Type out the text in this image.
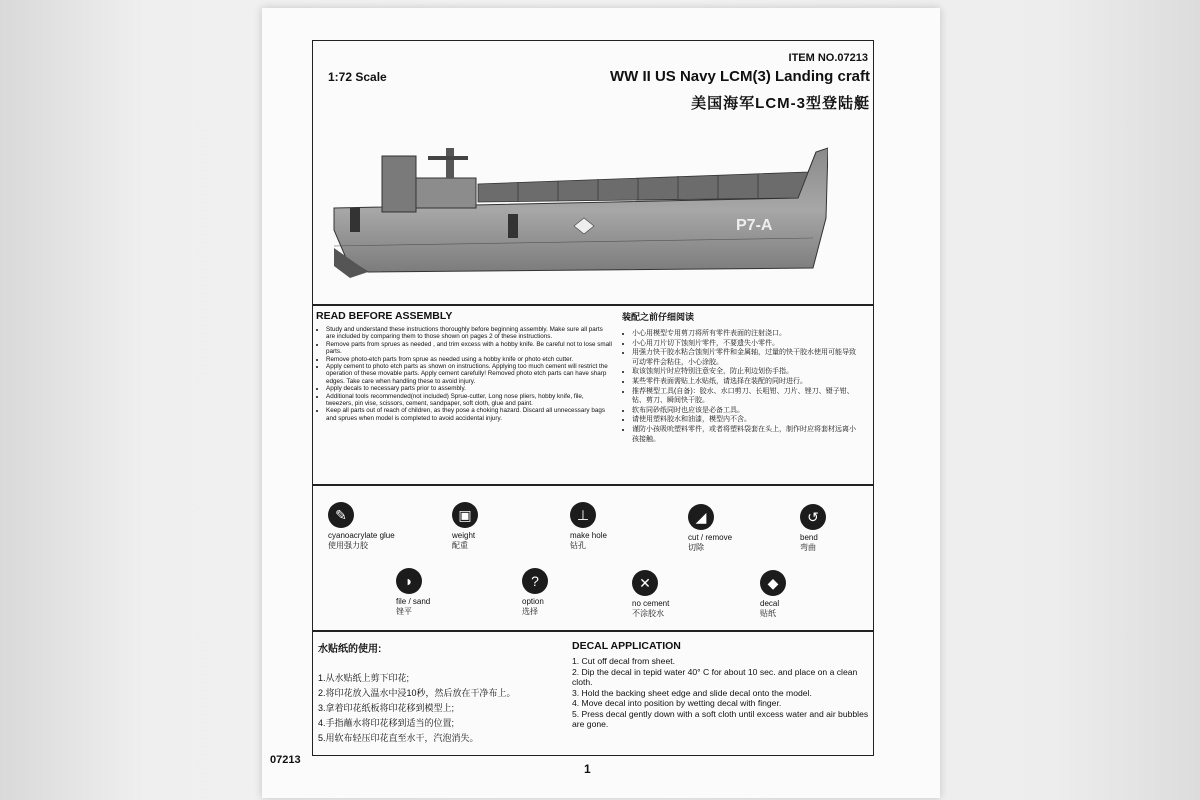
ITEM NO.07213
1:72 Scale	WW II US Navy LCM(3) Landing craft
美国海军LCM-3型登陆艇
P7-A
READ BEFORE ASSEMBLY
• Study and understand these instructions thoroughly before beginning assembly. Make sure all parts are included by comparing them to those shown on pages 2 of these instructions.
• Remove parts from sprues as needed , and trim excess with a hobby knife. Be careful not to lose small parts.
• Remove photo-etch parts from sprue as needed using a hobby knife or photo etch cutter.
• Apply cement to photo etch parts as shown on instructions. Applying too much cement will restrict the operation of these movable parts. Apply cement carefully! Removed photo etch parts can have sharp edges. Take care when handling these to avoid injury.
• Apply decals to necessary parts prior to assembly.
• Additional tools recommended(not included) Sprue-cutter, Long nose pliers, hobby knife, file, tweezers, pin vise, scissors, cement, sandpaper, soft cloth, glue and paint.
• Keep all parts out of reach of children, as they pose a choking hazard. Discard all unnecessary bags and sprues when model is completed to avoid accidental injury.
装配之前仔细阅读
• 小心用模型专用剪刀将所有零件表面的注射浇口。
• 小心用刀片切下蚀刻片零件，不要遗失小零件。
• 用强力快干胶水粘合蚀刻片零件和金属轴，过量的快干胶水使用可能导致可动零件会粘住，小心涂胶。
• 取该蚀刻片时应特别注意安全，防止利边划伤手指。
• 某些零件表面需贴上水贴纸，请选择在装配的同时进行。
• 推荐模型工具(自备)：胶水、水口剪刀、长咀钳、刀片、锉刀、镊子钳、钻、剪刀、瞬间快干胶。
• 软布同砂纸同时也应该是必备工具。
• 请使用塑料胶水和油漆，模型内不含。
• 谨防小孩吸吮塑料零件，或者将塑料袋套在头上，制作时应将套材远离小孩接触。
✎
cyanoacrylate glue
使用强力胶
▣
weight
配重
⊥
make hole
钻孔
◢
cut / remove
切除
↺
bend
弯曲
◗
file / sand
锉平
?
option
选择
✕
no cement
不涂胶水
◆
decal
贴纸
水贴纸的使用:
1.从水贴纸上剪下印花;
2.将印花放入温水中浸10秒，然后放在干净布上。
3.拿着印花纸板将印花移到模型上;
4.手指蘸水将印花移到适当的位置;
5.用软布轻压印花直至水干，汽泡消失。
DECAL APPLICATION
1. Cut off decal from sheet.
2. Dip the decal in tepid water 40° C for about 10 sec. and place on a clean cloth.
3. Hold the backing sheet edge and slide decal onto the model.
4. Move decal into position by wetting decal with finger.
5. Press decal gently down with a soft cloth until excess water and air bubbles are gone.
07213
1
